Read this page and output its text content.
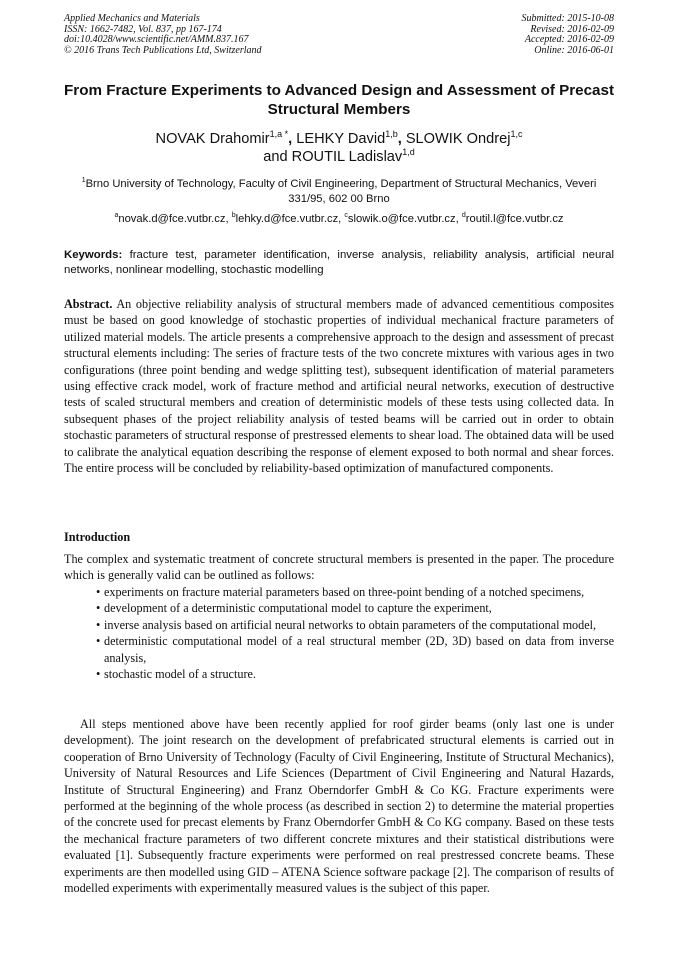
Applied Mechanics and Materials
ISSN: 1662-7482, Vol. 837, pp 167-174
doi:10.4028/www.scientific.net/AMM.837.167
© 2016 Trans Tech Publications Ltd, Switzerland
Submitted: 2015-10-08
Revised: 2016-02-09
Accepted: 2016-02-09
Online: 2016-06-01
From Fracture Experiments to Advanced Design and Assessment of Precast Structural Members
NOVAK Drahomir$^{1,a *}$, LEHKY David$^{1,b}$, SLOWIK Ondrej$^{1,c}$
and ROUTIL Ladislav$^{1,d}$
$^1$Brno University of Technology, Faculty of Civil Engineering, Department of Structural Mechanics, Veveri 331/95, 602 00 Brno
$^a$novak.d@fce.vutbr.cz, $^b$lehky.d@fce.vutbr.cz, $^c$slowik.o@fce.vutbr.cz, $^d$routil.l@fce.vutbr.cz
Keywords: fracture test, parameter identification, inverse analysis, reliability analysis, artificial neural networks, nonlinear modelling, stochastic modelling
Abstract. An objective reliability analysis of structural members made of advanced cementitious composites must be based on good knowledge of stochastic properties of individual mechanical fracture parameters of utilized material models. The article presents a comprehensive approach to the design and assessment of precast structural elements including: The series of fracture tests of the two concrete mixtures with various ages in two configurations (three point bending and wedge splitting test), subsequent identification of material parameters using effective crack model, work of fracture method and artificial neural networks, execution of destructive tests of scaled structural members and creation of deterministic models of these tests using collected data. In subsequent phases of the project reliability analysis of tested beams will be carried out in order to obtain stochastic parameters of structural response of prestressed elements to shear load. The obtained data will be used to calibrate the analytical equation describing the response of element exposed to both normal and shear forces. The entire process will be concluded by reliability-based optimization of manufactured components.
Introduction
The complex and systematic treatment of concrete structural members is presented in the paper. The procedure which is generally valid can be outlined as follows:
• experiments on fracture material parameters based on three-point bending of a notched specimens,
• development of a deterministic computational model to capture the experiment,
• inverse analysis based on artificial neural networks to obtain parameters of the computational model,
• deterministic computational model of a real structural member (2D, 3D) based on data from inverse analysis,
• stochastic model of a structure.
All steps mentioned above have been recently applied for roof girder beams (only last one is under development). The joint research on the development of prefabricated structural elements is carried out in cooperation of Brno University of Technology (Faculty of Civil Engineering, Institute of Structural Mechanics), University of Natural Resources and Life Sciences (Department of Civil Engineering and Natural Hazards, Institute of Structural Engineering) and Franz Oberndorfer GmbH & Co KG. Fracture experiments were performed at the beginning of the whole process (as described in section 2) to determine the material properties of the concrete used for precast elements by Franz Oberndorfer GmbH & Co KG company. Based on these tests the mechanical fracture parameters of two different concrete mixtures and their statistical distributions were evaluated [1]. Subsequently fracture experiments were performed on real prestressed concrete beams. These experiments are then modelled using GID – ATENA Science software package [2]. The comparison of results of modelled experiments with experimentally measured values is the subject of this paper.
